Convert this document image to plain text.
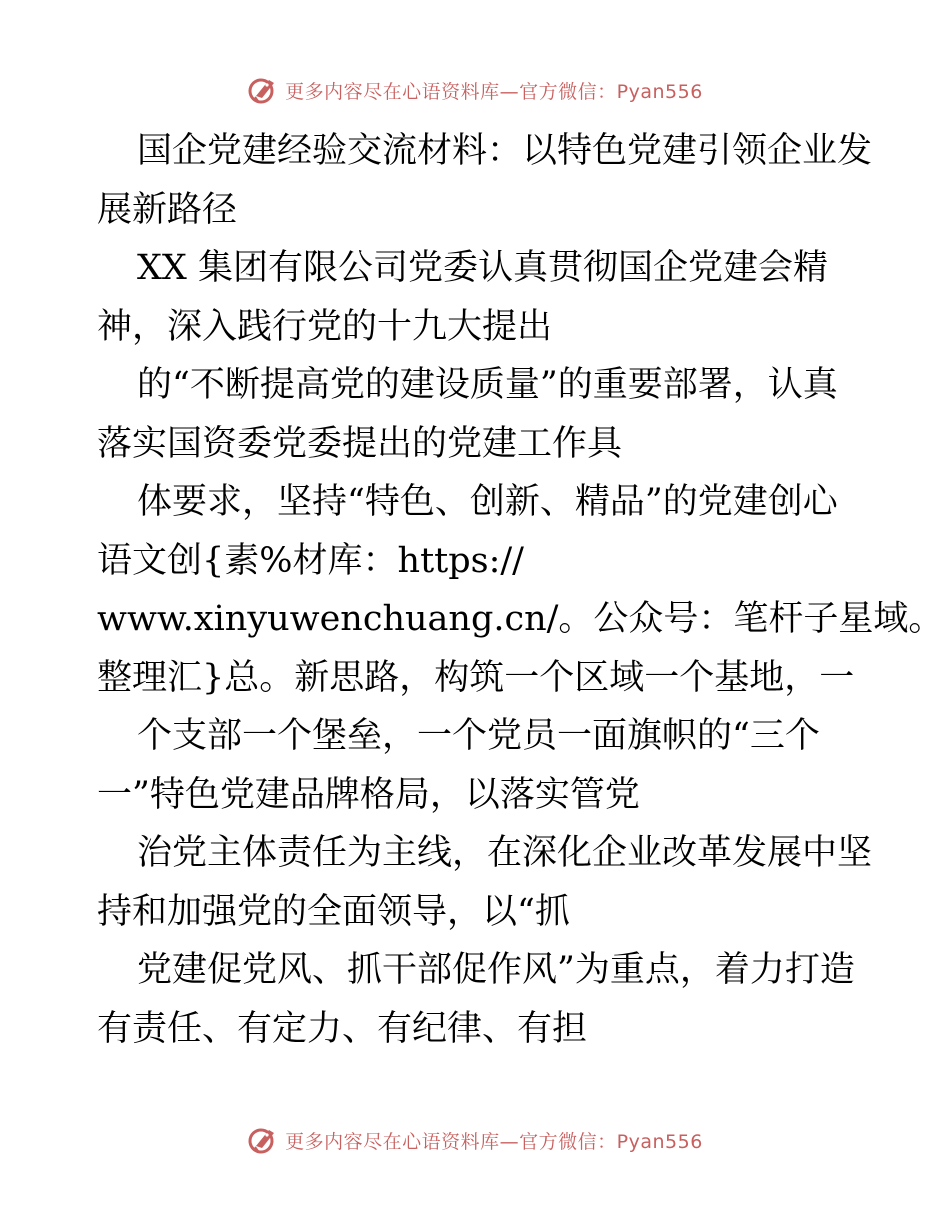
更多内容尽在心语资料库—官方微信：Pyan556
国企党建经验交流材料：以特色党建引领企业发
展新路径
XX 集团有限公司党委认真贯彻国企党建会精
神，深入践行党的十九大提出
的“不断提高党的建设质量”的重要部署，认真
落实国资委党委提出的党建工作具
体要求，坚持“特色、创新、精品”的党建创心
语文创{素%材库：https://
www.xinyuwenchuang.cn/。公众号：笔杆子星域。
整理汇}总。新思路，构筑一个区域一个基地，一
个支部一个堡垒，一个党员一面旗帜的“三个
一”特色党建品牌格局，以落实管党
治党主体责任为主线，在深化企业改革发展中坚
持和加强党的全面领导，以“抓
党建促党风、抓干部促作风”为重点，着力打造
有责任、有定力、有纪律、有担
更多内容尽在心语资料库—官方微信：Pyan556
